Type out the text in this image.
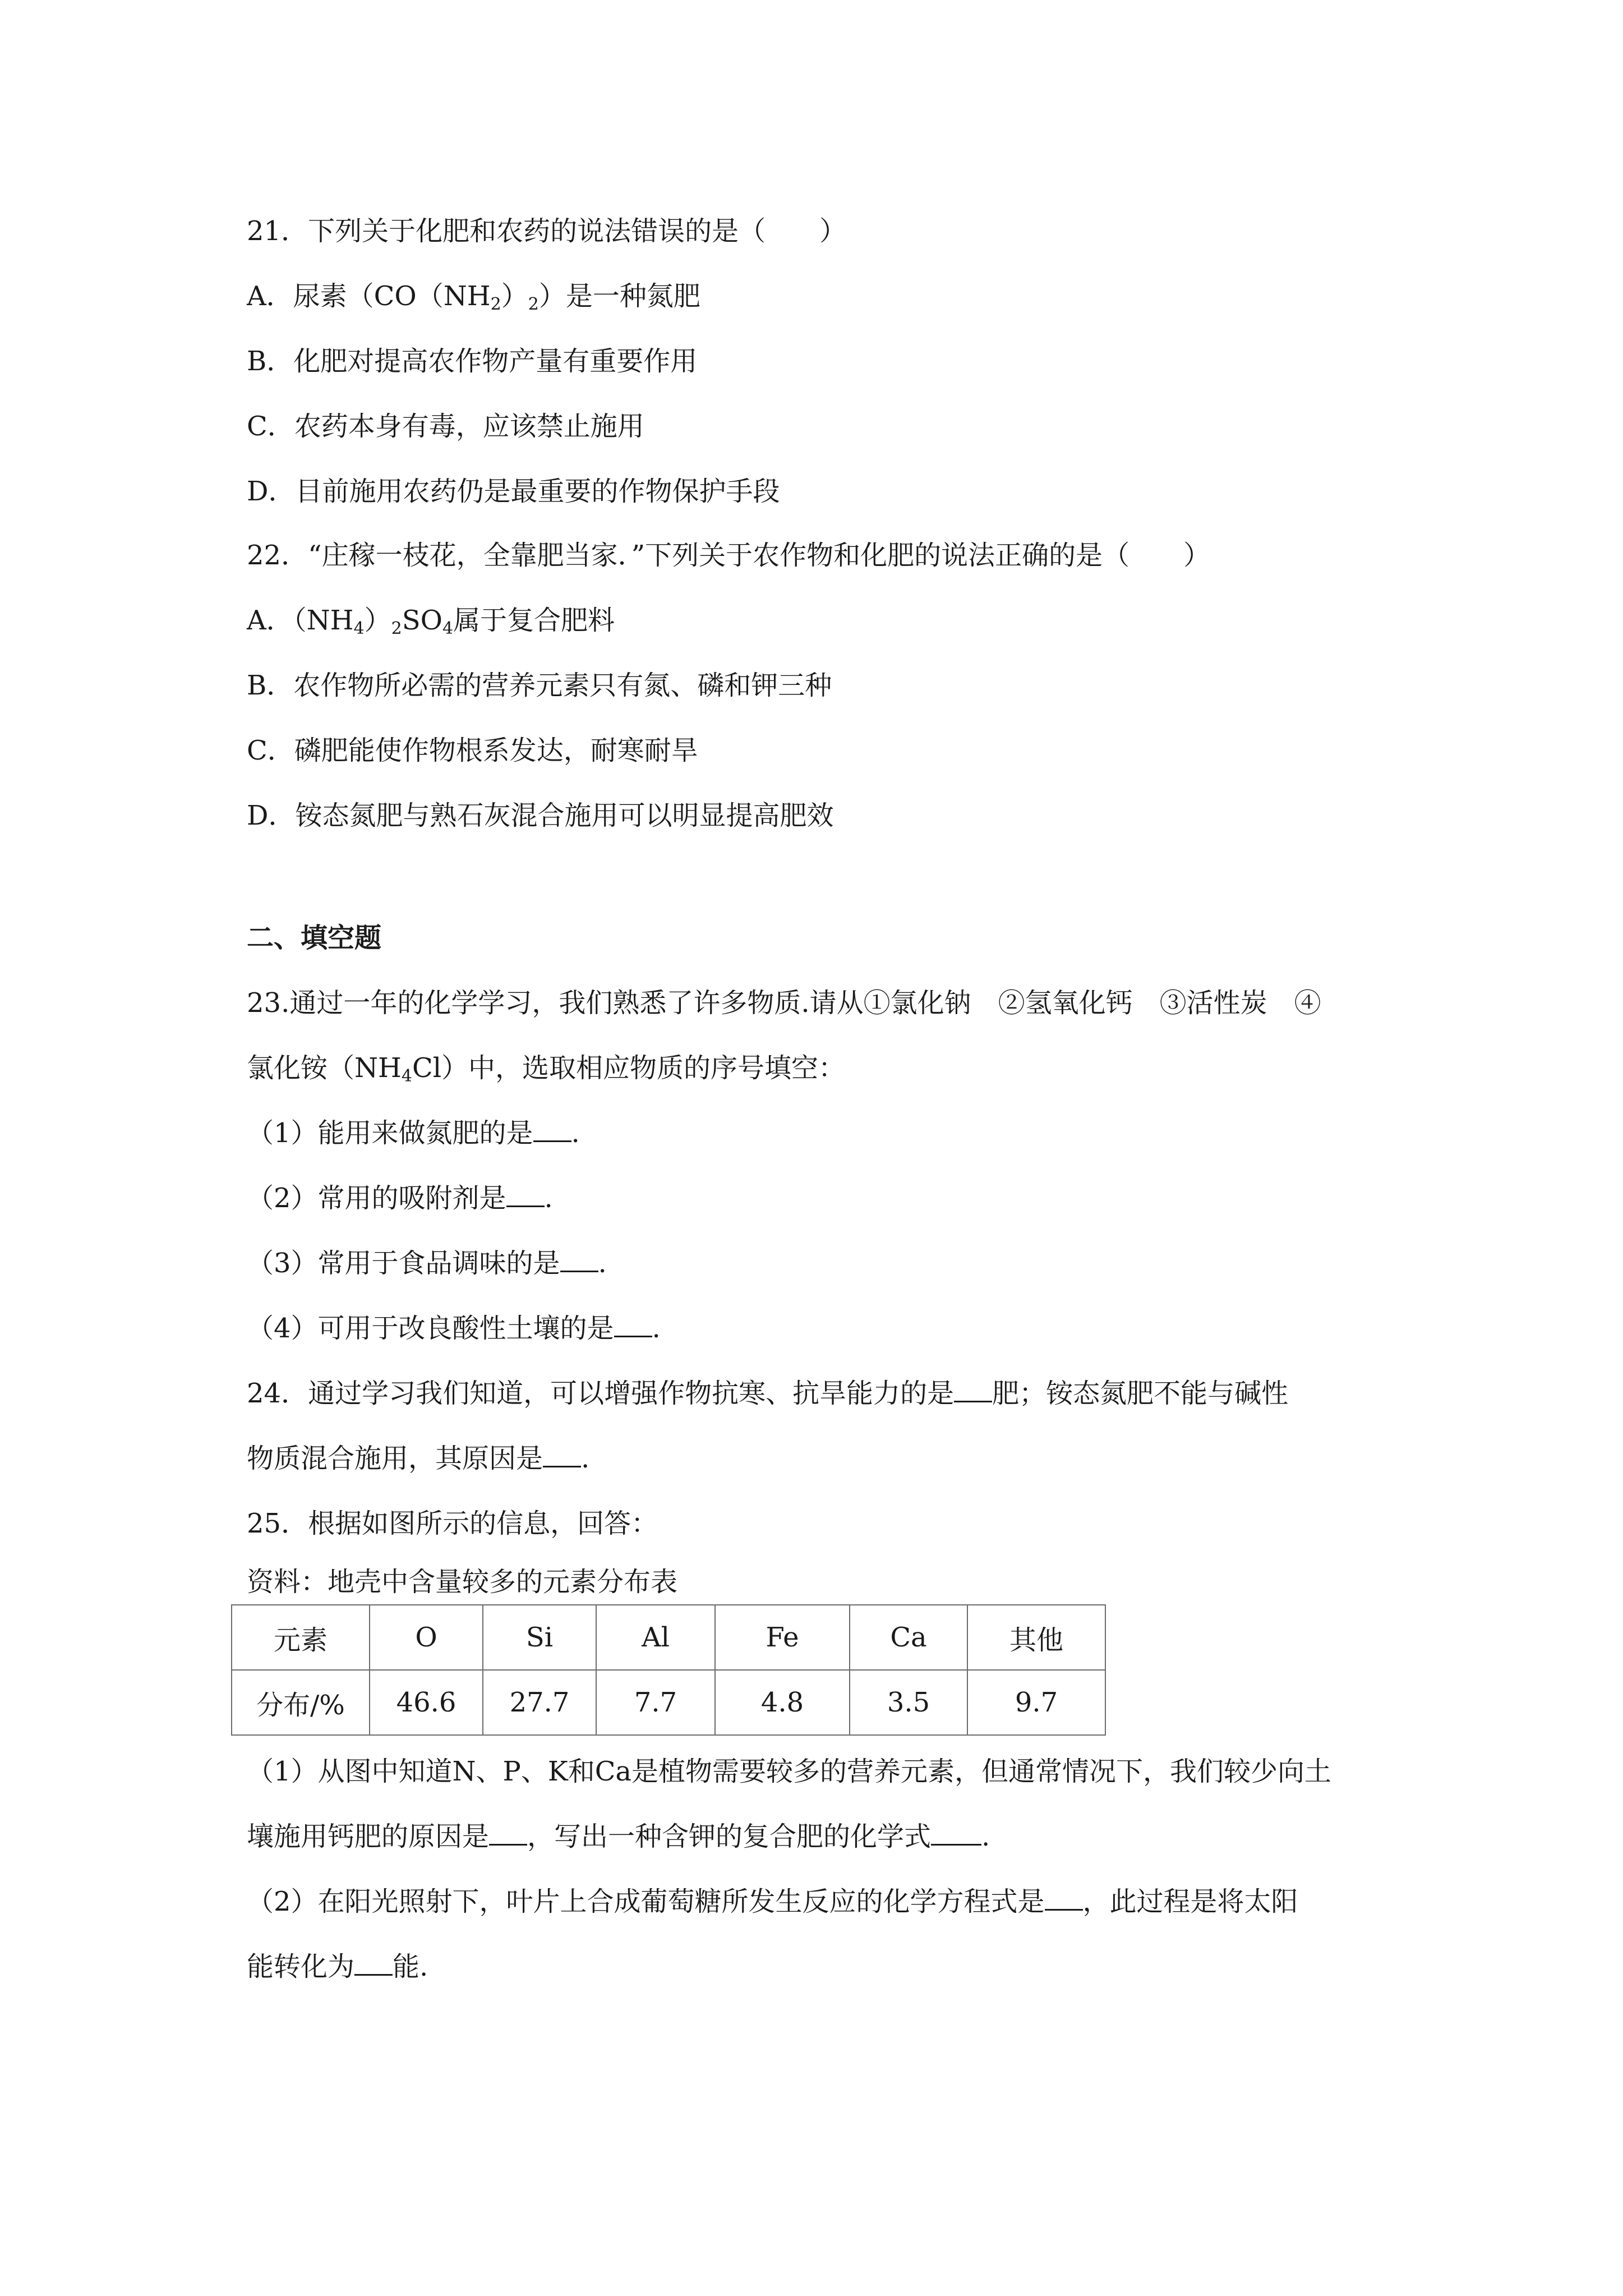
21．下列关于化肥和农药的说法错误的是（　　）
A．尿素$(CO(NH_2)_2)$是一种氮肥
B．化肥对提高农作物产量有重要作用
C．农药本身有毒，应该禁止施用
D．目前施用农药仍是最重要的作物保护手段
22．“庄稼一枝花，全靠肥当家．”下列关于农作物和化肥的说法正确的是（　　）
A．$(NH_4)_2SO_4$属于复合肥料
B．农作物所必需的营养元素只有氮、磷和钾三种
C．磷肥能使作物根系发达，耐寒耐旱
D．铵态氮肥与熟石灰混合施用可以明显提高肥效
二、填空题
23.通过一年的化学学习，我们熟悉了许多物质.请从①氯化钠　②氢氧化钙　③活性炭　④
氯化铵$(NH_4Cl)$中，选取相应物质的序号填空：
（1）能用来做氮肥的是 .
（2）常用的吸附剂是 .
（3）常用于食品调味的是 .
（4）可用于改良酸性土壤的是 .
24．通过学习我们知道，可以增强作物抗寒、抗旱能力的是 肥；铵态氮肥不能与碱性
物质混合施用，其原因是 .
25．根据如图所示的信息，回答：
资料：地壳中含量较多的元素分布表
元素	O	Si	Al	Fe	Ca	其他
分布/%	46.6	27.7	7.7	4.8	3.5	9.7
（1）从图中知道N、P、K和Ca是植物需要较多的营养元素，但通常情况下，我们较少向土
壤施用钙肥的原因是 ，写出一种含钾的复合肥的化学式 .
（2）在阳光照射下，叶片上合成葡萄糖所发生反应的化学方程式是 ，此过程是将太阳
能转化为 能.
